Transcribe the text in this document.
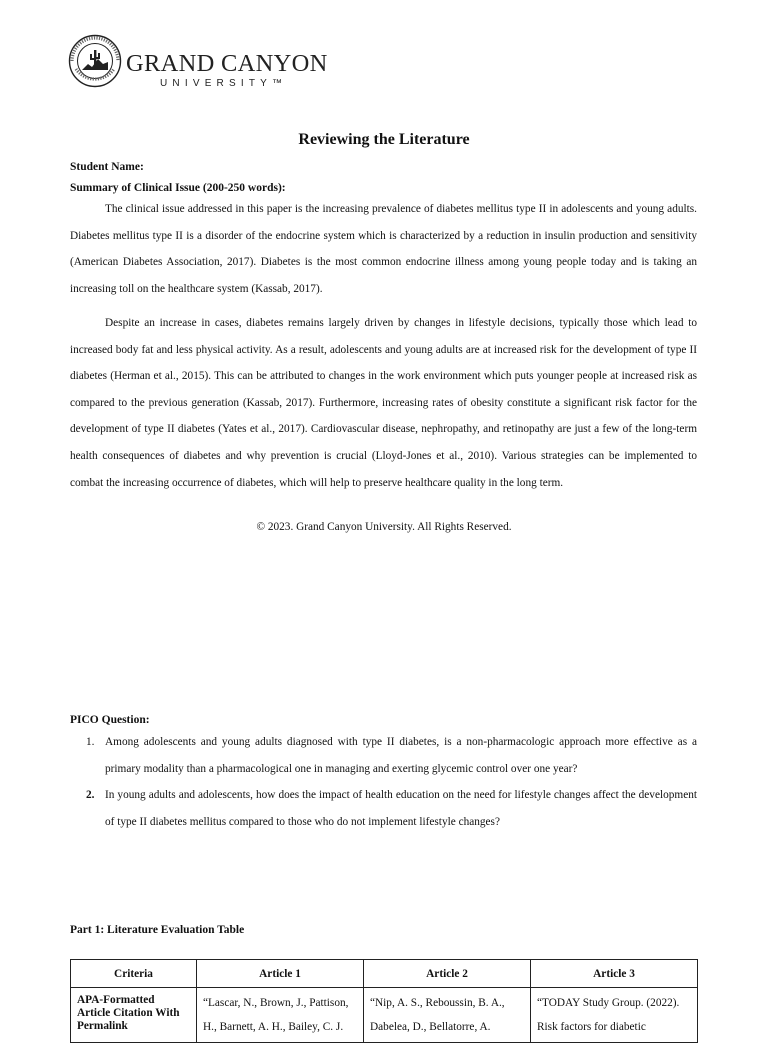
GRAND CANYON
UNIVERSITY™
Reviewing the Literature
Student Name:
Summary of Clinical Issue (200-250 words):

The clinical issue addressed in this paper is the increasing prevalence of diabetes mellitus type II in adolescents and young adults. Diabetes mellitus type II is a disorder of the endocrine system which is characterized by a reduction in insulin production and sensitivity (American Diabetes Association, 2017). Diabetes is the most common endocrine illness among young people today and is taking an increasing toll on the healthcare system (Kassab, 2017).

Despite an increase in cases, diabetes remains largely driven by changes in lifestyle decisions, typically those which lead to increased body fat and less physical activity. As a result, adolescents and young adults are at increased risk for the development of type II diabetes (Herman et al., 2015). This can be attributed to changes in the work environment which puts younger people at increased risk as compared to the previous generation (Kassab, 2017). Furthermore, increasing rates of obesity constitute a significant risk factor for the development of type II diabetes (Yates et al., 2017). Cardiovascular disease, nephropathy, and retinopathy are just a few of the long-term health consequences of diabetes and why prevention is crucial (Lloyd-Jones et al., 2010). Various strategies can be implemented to combat the increasing occurrence of diabetes, which will help to preserve healthcare quality in the long term.

© 2023. Grand Canyon University. All Rights Reserved.
PICO Question:
1. Among adolescents and young adults diagnosed with type II diabetes, is a non-pharmacologic approach more effective as a primary modality than a pharmacological one in managing and exerting glycemic control over one year?
2. In young adults and adolescents, how does the impact of health education on the need for lifestyle changes affect the development of type II diabetes mellitus compared to those who do not implement lifestyle changes?
Part 1: Literature Evaluation Table
Criteria	Article 1	Article 2	Article 3
APA-Formatted Article Citation With Permalink	“Lascar, N., Brown, J., Pattison, H., Barnett, A. H., Bailey, C. J.	“Nip, A. S., Reboussin, B. A., Dabelea, D., Bellatorre, A.	“TODAY Study Group. (2022). Risk factors for diabetic
